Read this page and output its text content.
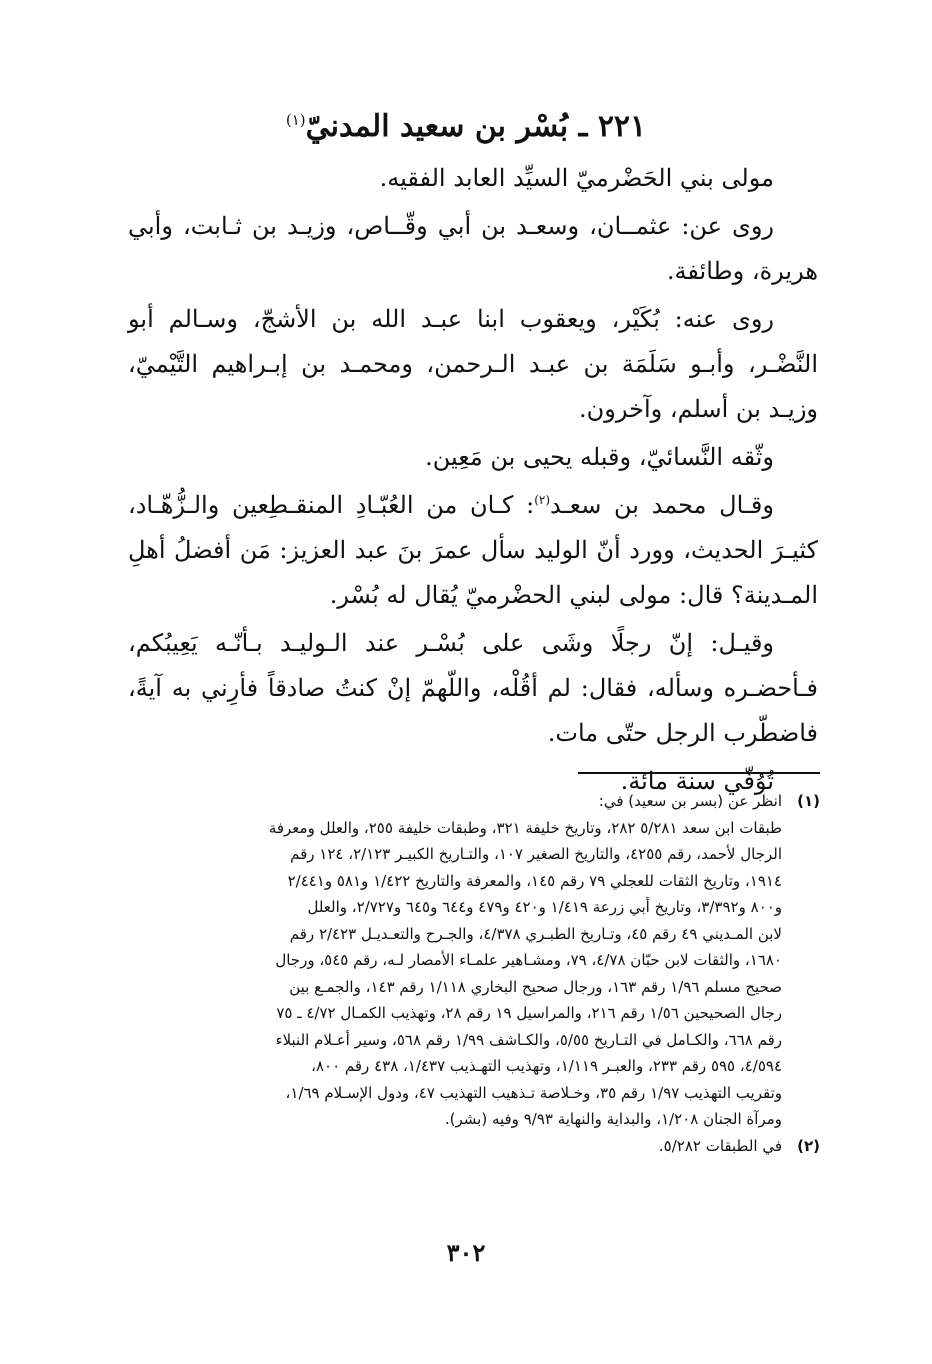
٢٢١ ـ بُسْر بن سعيد المدنيّ$^{(١)}$

مولى بني الحَضْرميّ السيِّد العابد الفقيه.

روى عن: عثمــان، وسعـد بن أبي وقّــاص، وزيـد بن ثـابت، وأبي هريرة، وطائفة.

روى عنه: بُكَيْر، ويعقوب ابنا عبـد الله بن الأشجّ، وسـالم أبو النَّضْـر، وأبـو سَلَمَة بن عبـد الـرحمن، ومحمـد بن إبـراهيم التَّيْميّ، وزيـد بن أسلم، وآخرون.

وثّقه النَّسائيّ، وقبله يحيى بن مَعِين.

وقـال محمد بن سعـد$^{(٢)}$: كـان من العُبّـادِ المنقـطِعين والـزُّهّـاد، كثيـرَ الحديث، وورد أنّ الوليد سأل عمرَ بنَ عبد العزيز: مَن أفضلُ أهلِ المـدينة؟ قال: مولى لبني الحضْرميّ يُقال له بُسْر.

وقيـل: إنّ رجلًا وشَى على بُسْـر عند الـوليـد بـأنّـه يَعِيبُكم، فـأحضـره وسأله، فقال: لم أقُلْه، واللّهمّ إنْ كنتُ صادقاً فأرِني به آيةً، فاضطّرب الرجل حتّى مات.

تُوُفّي سنة مائة.

(١)
انظر عن (بسر بن سعيد) في:
طبقات ابن سعد ٥/٢٨١ ٢٨٢، وتاريخ خليفة ٣٢١، وطبقات خليفة ٢٥٥، والعلل ومعرفة
الرجال لأحمد، رقم ٤٢٥٥، والتاريخ الصغير ١٠٧، والتـاريخ الكبيـر ٢/١٢٣، ١٢٤ رقم
١٩١٤، وتاريخ الثقات للعجلي ٧٩ رقم ١٤٥، والمعرفة والتاريخ ١/٤٢٢ و٥٨١ و٢/٤٤١
و٨٠٠ و٣/٣٩٢، وتاريخ أبي زرعة ١/٤١٩ و٤٢٠ و٤٧٩ و٦٤٤ و٦٤٥ و٢/٧٢٧، والعلل
لابن المـديني ٤٩ رقم ٤٥، وتـاريخ الطبـري ٤/٣٧٨، والجـرح والتعـديـل ٢/٤٢٣ رقم
١٦٨٠، والثقات لابن حبّان ٤/٧٨، ٧٩، ومشـاهير علمـاء الأمصار لـه، رقم ٥٤٥، ورجال
صحيح مسلم ١/٩٦ رقم ١٦٣، ورجال صحيح البخاري ١/١١٨ رقم ١٤٣، والجمـع بين
رجال الصحيحين ١/٥٦ رقم ٢١٦، والمراسيل ١٩ رقم ٢٨، وتهذيب الكمـال ٤/٧٢ ـ ٧٥
رقم ٦٦٨، والكـامل في التـاريخ ٥/٥٥، والكـاشف ١/٩٩ رقم ٥٦٨، وسير أعـلام النبلاء
٤/٥٩٤، ٥٩٥ رقم ٢٣٣، والعبـر ١/١١٩، وتهذيب التهـذيب ١/٤٣٧، ٤٣٨ رقم ٨٠٠،
وتقريب التهذيب ١/٩٧ رقم ٣٥، وخـلاصة تـذهيب التهذيب ٤٧، ودول الإسـلام ١/٦٩،
ومرآة الجنان ١/٢٠٨، والبداية والنهاية ٩/٩٣ وفيه (بشر).
(٢)
في الطبقات ٥/٢٨٢.
٣٠٢
